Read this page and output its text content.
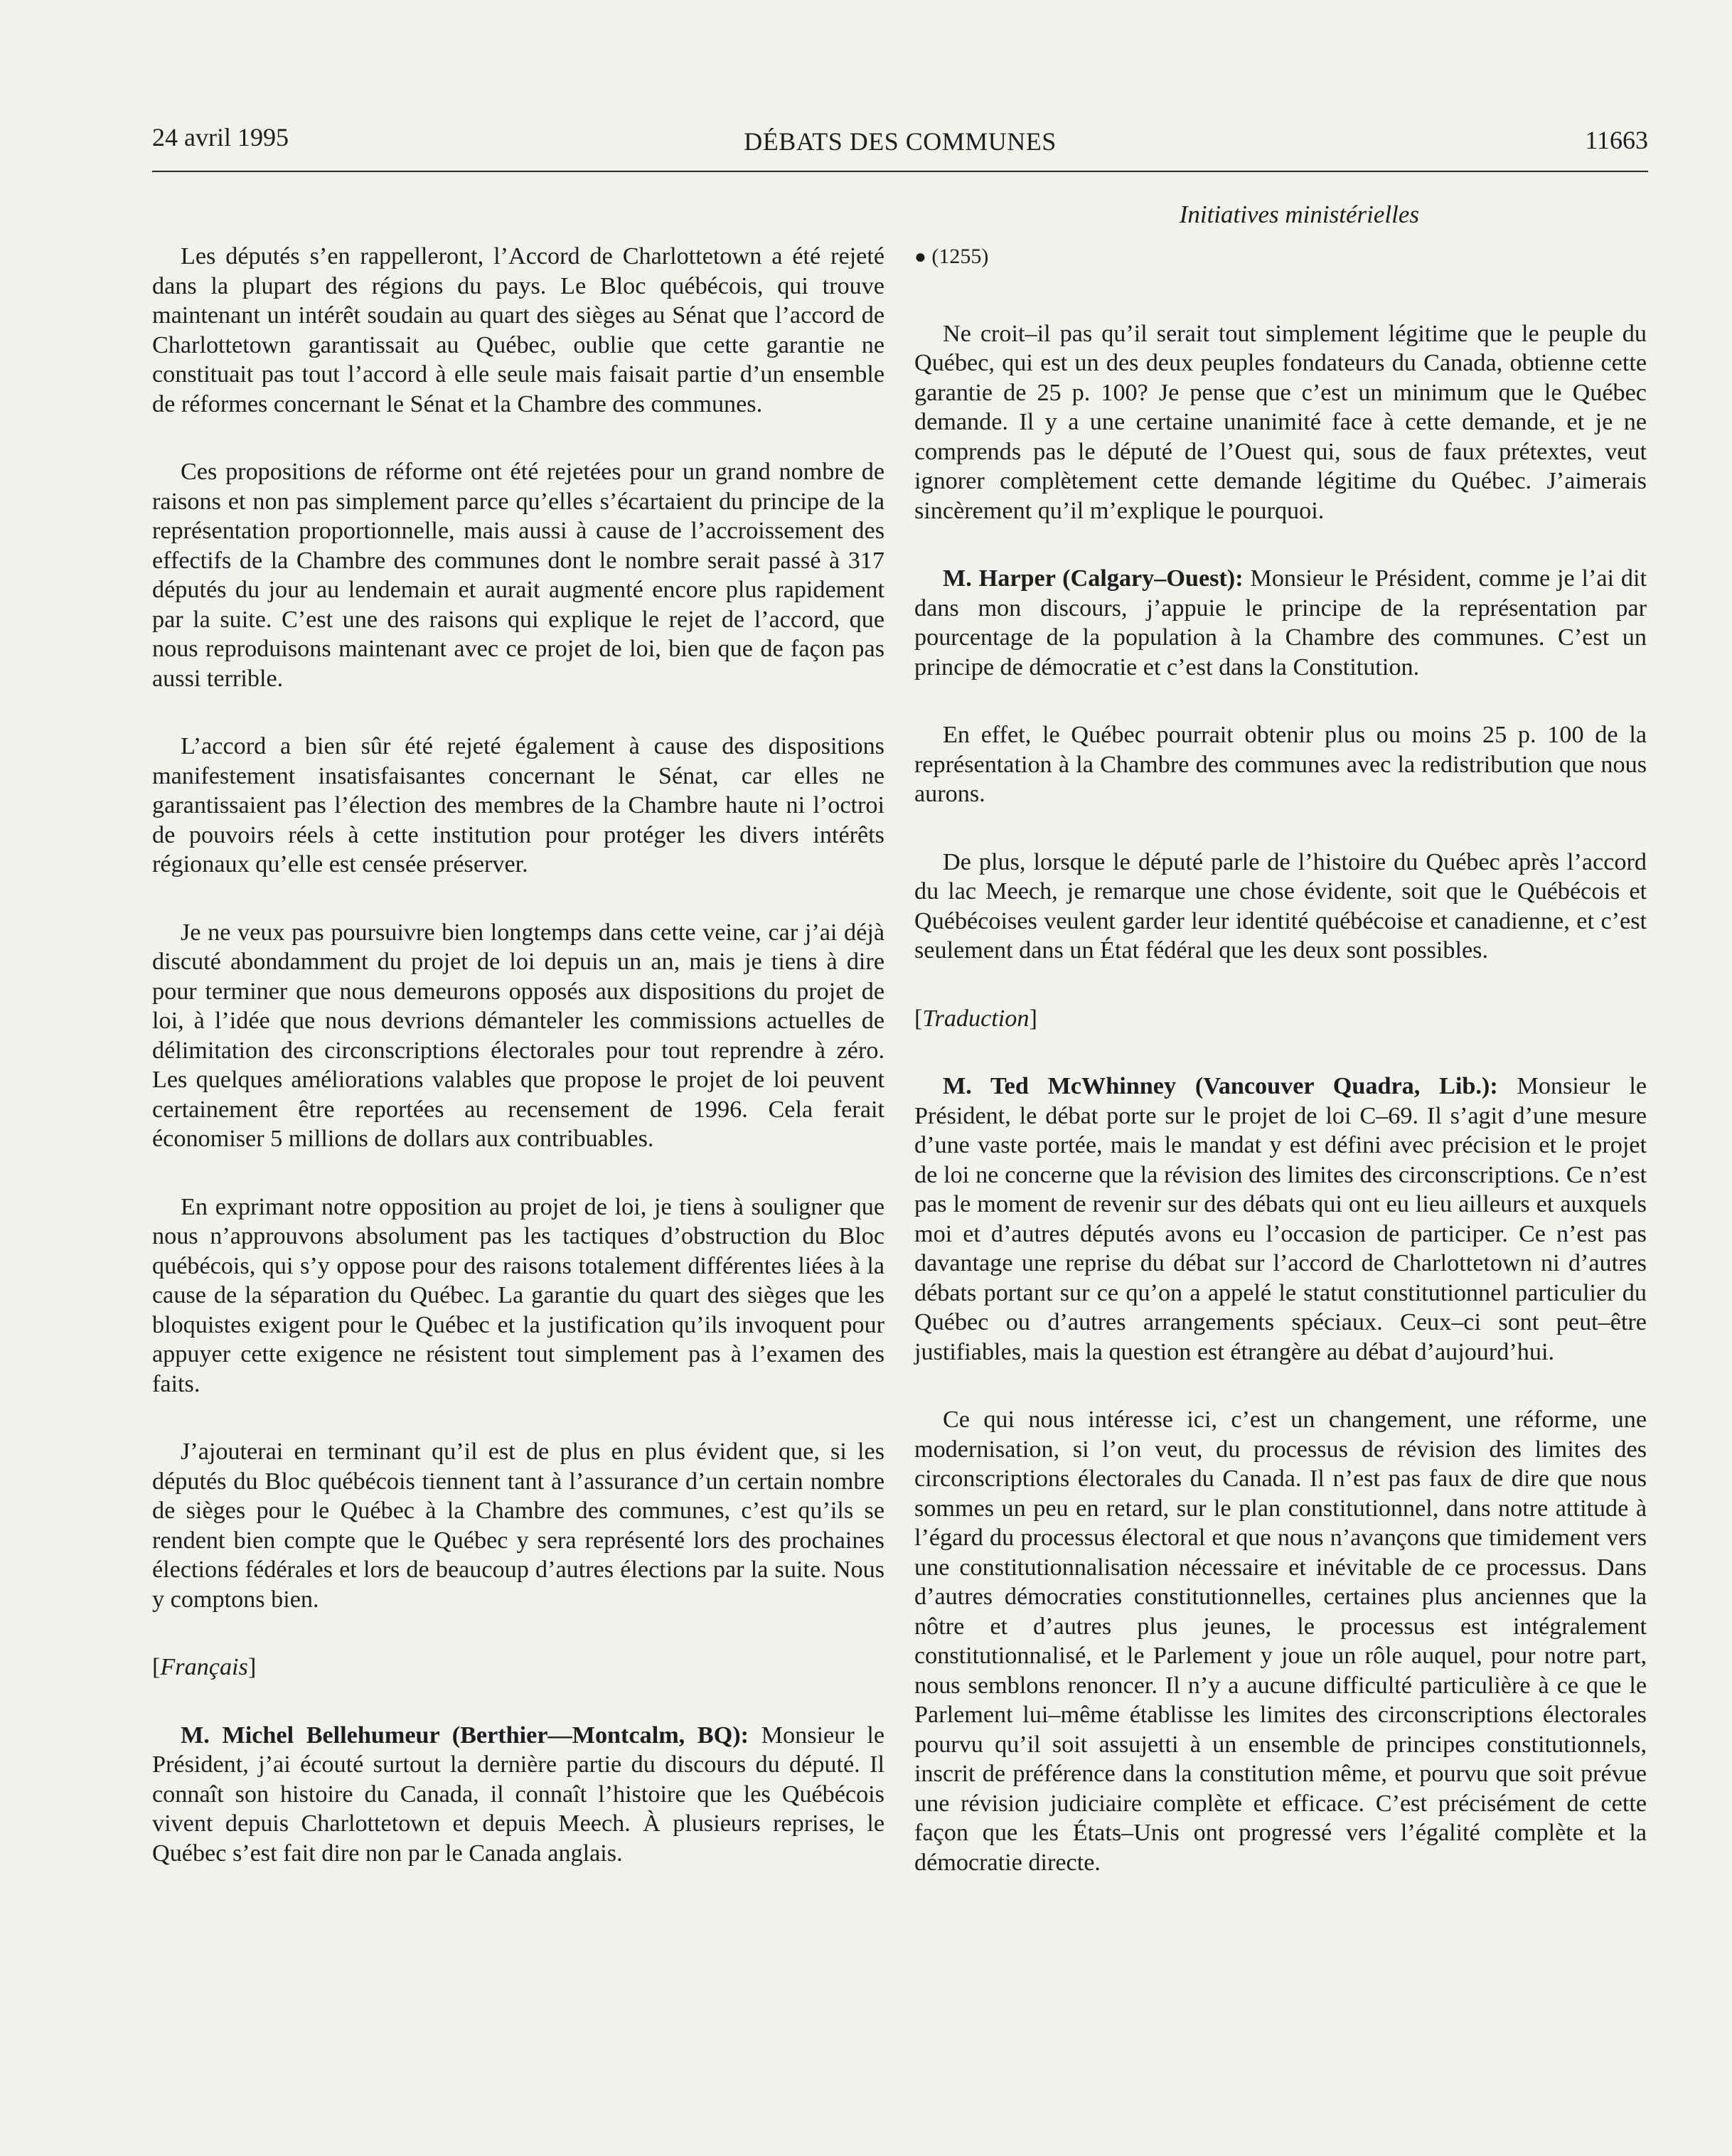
24 avril 1995	DÉBATS DES COMMUNES	11663
Initiatives ministérielles

Les députés s’en rappelleront, l’Accord de Charlottetown a été rejeté dans la plupart des régions du pays. Le Bloc québécois, qui trouve maintenant un intérêt soudain au quart des sièges au Sénat que l’accord de Charlottetown garantissait au Québec, oublie que cette garantie ne constituait pas tout l’accord à elle seule mais faisait partie d’un ensemble de réformes concernant le Sénat et la Chambre des communes.

Ces propositions de réforme ont été rejetées pour un grand nombre de raisons et non pas simplement parce qu’elles s’écartaient du principe de la représentation proportionnelle, mais aussi à cause de l’accroissement des effectifs de la Chambre des communes dont le nombre serait passé à 317 députés du jour au lendemain et aurait augmenté encore plus rapidement par la suite. C’est une des raisons qui explique le rejet de l’accord, que nous reproduisons maintenant avec ce projet de loi, bien que de façon pas aussi terrible.

L’accord a bien sûr été rejeté également à cause des dispositions manifestement insatisfaisantes concernant le Sénat, car elles ne garantissaient pas l’élection des membres de la Chambre haute ni l’octroi de pouvoirs réels à cette institution pour protéger les divers intérêts régionaux qu’elle est censée préserver.

Je ne veux pas poursuivre bien longtemps dans cette veine, car j’ai déjà discuté abondamment du projet de loi depuis un an, mais je tiens à dire pour terminer que nous demeurons opposés aux dispositions du projet de loi, à l’idée que nous devrions démanteler les commissions actuelles de délimitation des circonscriptions électorales pour tout reprendre à zéro. Les quelques améliorations valables que propose le projet de loi peuvent certainement être reportées au recensement de 1996. Cela ferait économiser 5 millions de dollars aux contribuables.

En exprimant notre opposition au projet de loi, je tiens à souligner que nous n’approuvons absolument pas les tactiques d’obstruction du Bloc québécois, qui s’y oppose pour des raisons totalement différentes liées à la cause de la séparation du Québec. La garantie du quart des sièges que les bloquistes exigent pour le Québec et la justification qu’ils invoquent pour appuyer cette exigence ne résistent tout simplement pas à l’examen des faits.

J’ajouterai en terminant qu’il est de plus en plus évident que, si les députés du Bloc québécois tiennent tant à l’assurance d’un certain nombre de sièges pour le Québec à la Chambre des communes, c’est qu’ils se rendent bien compte que le Québec y sera représenté lors des prochaines élections fédérales et lors de beaucoup d’autres élections par la suite. Nous y comptons bien.

[Français]

M. Michel Bellehumeur (Berthier—Montcalm, BQ): Monsieur le Président, j’ai écouté surtout la dernière partie du discours du député. Il connaît son histoire du Canada, il connaît l’histoire que les Québécois vivent depuis Charlottetown et depuis Meech. À plusieurs reprises, le Québec s’est fait dire non par le Canada anglais.

● (1255)

Ne croit–il pas qu’il serait tout simplement légitime que le peuple du Québec, qui est un des deux peuples fondateurs du Canada, obtienne cette garantie de 25 p. 100? Je pense que c’est un minimum que le Québec demande. Il y a une certaine unanimité face à cette demande, et je ne comprends pas le député de l’Ouest qui, sous de faux prétextes, veut ignorer complètement cette demande légitime du Québec. J’aimerais sincèrement qu’il m’explique le pourquoi.

M. Harper (Calgary–Ouest): Monsieur le Président, comme je l’ai dit dans mon discours, j’appuie le principe de la représentation par pourcentage de la population à la Chambre des communes. C’est un principe de démocratie et c’est dans la Constitution.

En effet, le Québec pourrait obtenir plus ou moins 25 p. 100 de la représentation à la Chambre des communes avec la redistribution que nous aurons.

De plus, lorsque le député parle de l’histoire du Québec après l’accord du lac Meech, je remarque une chose évidente, soit que le Québécois et Québécoises veulent garder leur identité québécoise et canadienne, et c’est seulement dans un État fédéral que les deux sont possibles.

[Traduction]

M. Ted McWhinney (Vancouver Quadra, Lib.): Monsieur le Président, le débat porte sur le projet de loi C–69. Il s’agit d’une mesure d’une vaste portée, mais le mandat y est défini avec précision et le projet de loi ne concerne que la révision des limites des circonscriptions. Ce n’est pas le moment de revenir sur des débats qui ont eu lieu ailleurs et auxquels moi et d’autres députés avons eu l’occasion de participer. Ce n’est pas davantage une reprise du débat sur l’accord de Charlottetown ni d’autres débats portant sur ce qu’on a appelé le statut constitutionnel particulier du Québec ou d’autres arrangements spéciaux. Ceux–ci sont peut–être justifiables, mais la question est étrangère au débat d’aujourd’hui.

Ce qui nous intéresse ici, c’est un changement, une réforme, une modernisation, si l’on veut, du processus de révision des limites des circonscriptions électorales du Canada. Il n’est pas faux de dire que nous sommes un peu en retard, sur le plan constitutionnel, dans notre attitude à l’égard du processus électoral et que nous n’avançons que timidement vers une constitutionnalisation nécessaire et inévitable de ce processus. Dans d’autres démocraties constitutionnelles, certaines plus anciennes que la nôtre et d’autres plus jeunes, le processus est intégralement constitutionnalisé, et le Parlement y joue un rôle auquel, pour notre part, nous semblons renoncer. Il n’y a aucune difficulté particulière à ce que le Parlement lui–même établisse les limites des circonscriptions électorales pourvu qu’il soit assujetti à un ensemble de principes constitutionnels, inscrit de préférence dans la constitution même, et pourvu que soit prévue une révision judiciaire complète et efficace. C’est précisément de cette façon que les États–Unis ont progressé vers l’égalité complète et la démocratie directe.
